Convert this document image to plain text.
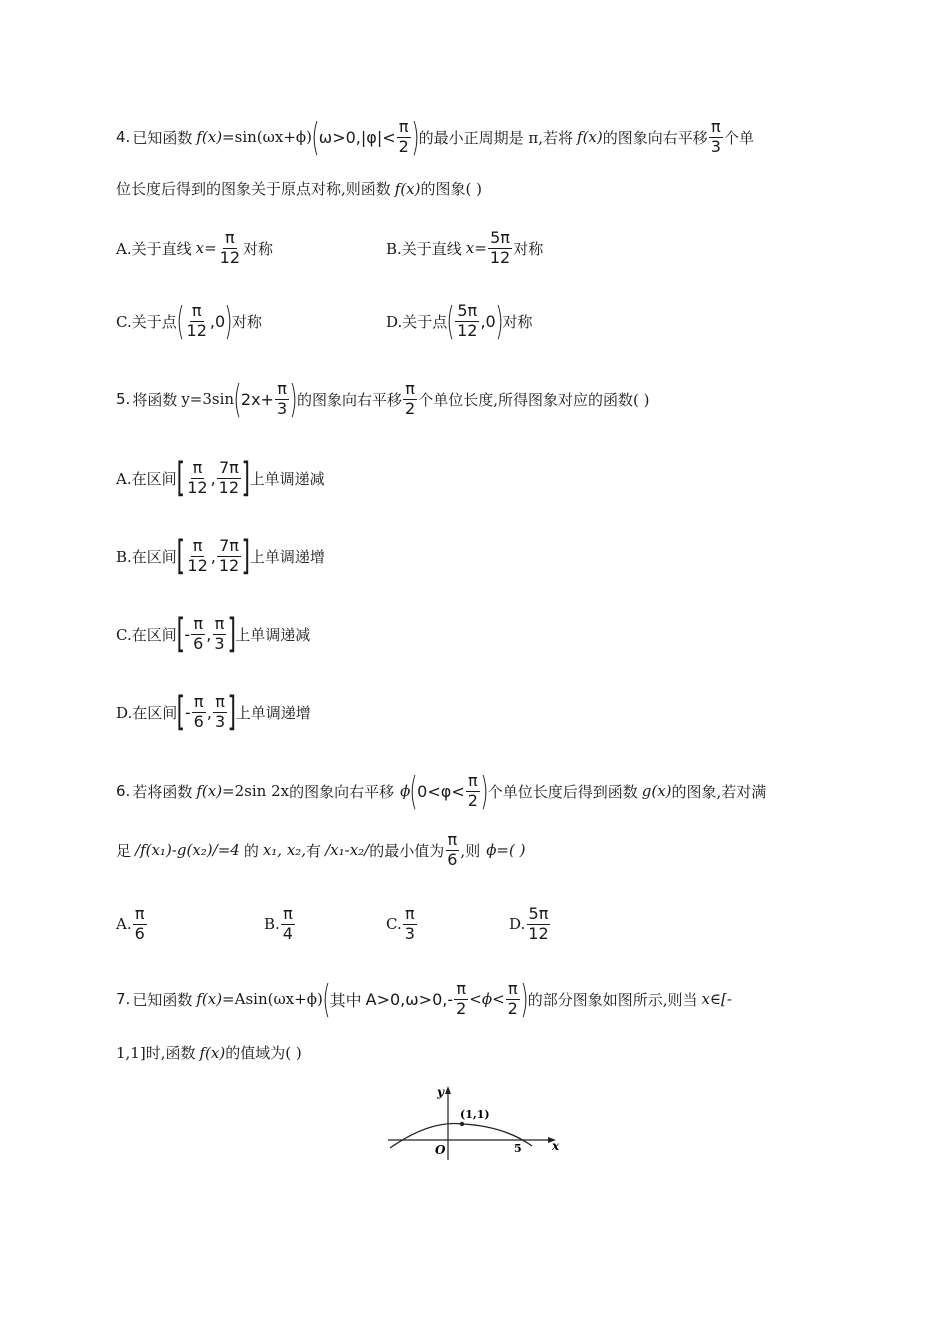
4. 已知函数 f(x) =sin(ωx+ϕ) ( $\omega>0,|\varphi|< \frac{\pi}{2}$ ) 的最小正周期是 π,若将 f(x) 的图象向右平移 $\frac{\pi}{3}$ 个单
位长度后得到的图象关于原点对称,则函数 f(x) 的图象( )
A.关于直线 $x= \frac{\pi}{12}$ 对称	B.关于直线 $x= \frac{5\pi}{12}$ 对称
C.关于点 ( $\frac{\pi}{12} ,0$ ) 对称	D.关于点 ( $\frac{5\pi}{12} ,0$ ) 对称
5. 将函数 y=3sin ( $2x+ \frac{\pi}{3}$ ) 的图象向右平移 $\frac{\pi}{2}$ 个单位长度,所得图象对应的函数( )
A.在区间 [ $\frac{\pi}{12}$ , $\frac{7\pi}{12}$ ] 上单调递减
B.在区间 [ $\frac{\pi}{12}$ , $\frac{7\pi}{12}$ ] 上单调递增
C.在区间 [ - $\frac{\pi}{6}$ , $\frac{\pi}{3}$ ] 上单调递减
D.在区间 [ - $\frac{\pi}{6}$ , $\frac{\pi}{3}$ ] 上单调递增
6. 若将函数 f(x) =2sin 2x 的图象向右平移 ϕ ( $0<\varphi< \frac{\pi}{2}$ ) 个单位长度后得到函数 g(x) 的图象,若对满
足 /f(x₁)-g(x₂)/=4 的 x₁, x₂, 有 /x₁-x₂/ 的最小值为 $\frac{\pi}{6}$ ,则 ϕ=( )
A. $\frac{\pi}{6}$	B. $\frac{\pi}{4}$	C. $\frac{\pi}{3}$	D. $\frac{5\pi}{12}$
7. 已知函数 f(x) =Asin(ωx+ϕ) ( 其中 $A>0,\omega>0,- \frac{\pi}{2} <\phi< \frac{\pi}{2}$ ) 的部分图象如图所示,则当 x∈[-
1,1]时,函数 f(x) 的值域为( )
y
x
O
(1,1)
5
